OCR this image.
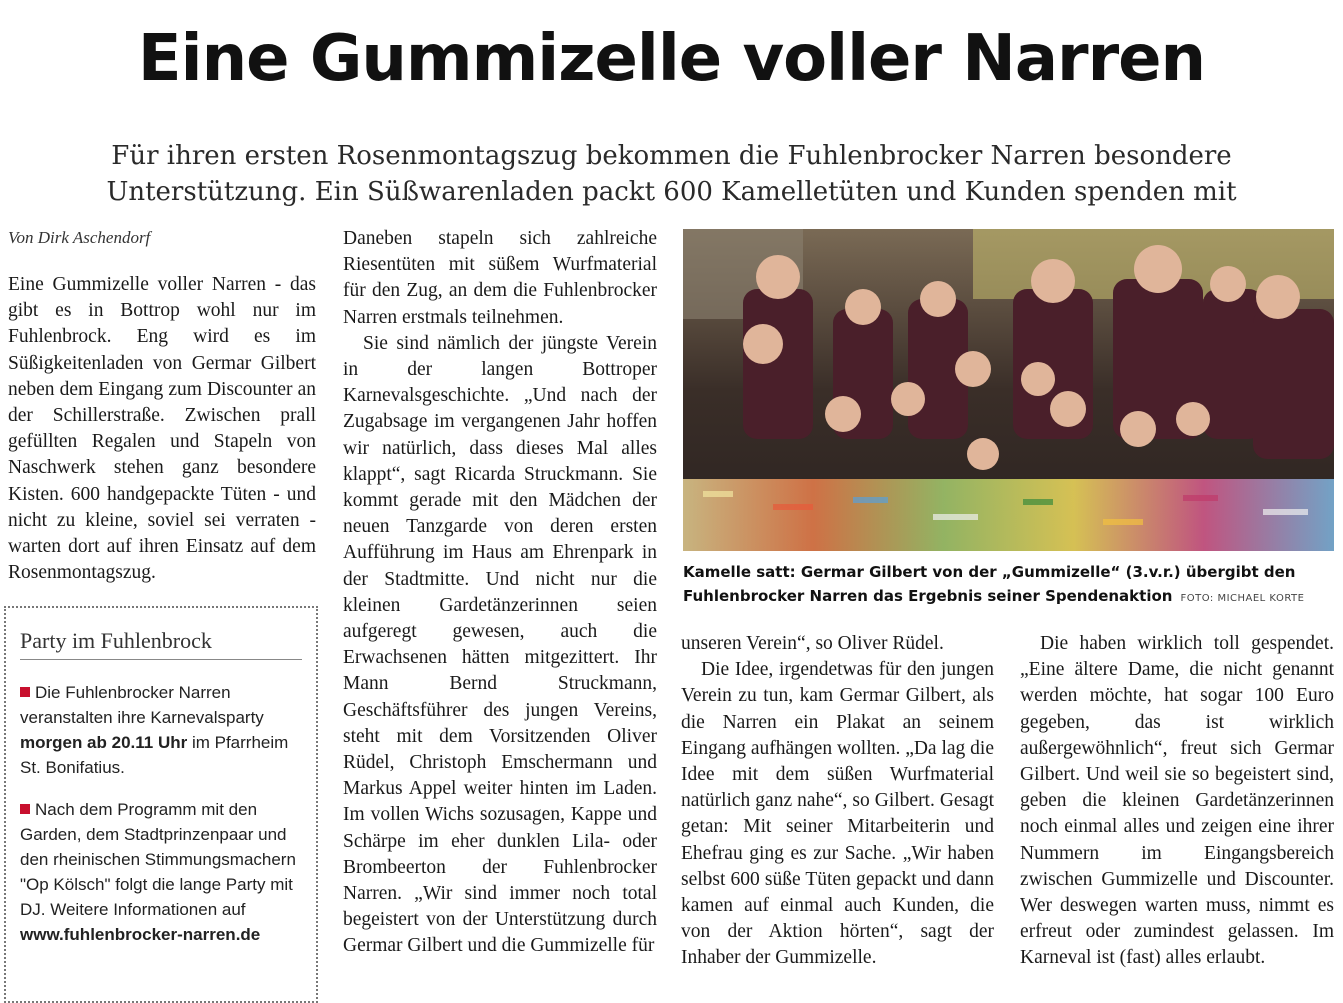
Eine Gummizelle voller Narren
Für ihren ersten Rosenmontagszug bekommen die Fuhlenbrocker Narren besondere
Unterstützung. Ein Süßwarenladen packt 600 Kamelletüten und Kunden spenden mit
Von Dirk Aschendorf

Eine Gummizelle voller Narren - das gibt es in Bottrop wohl nur im Fuhlenbrock. Eng wird es im Süßigkeitenladen von Germar Gilbert neben dem Eingang zum Discounter an der Schillerstraße. Zwischen prall gefüllten Regalen und Stapeln von Naschwerk stehen ganz besondere Kisten. 600 handgepackte Tüten - und nicht zu kleine, soviel sei verraten - warten dort auf ihren Einsatz auf dem Rosenmontagszug.

Party im Fuhlenbrock

Die Fuhlenbrocker Narren veranstalten ihre Karnevalsparty morgen ab 20.11 Uhr im Pfarrheim St. Bonifatius.

Nach dem Programm mit den Garden, dem Stadtprinzenpaar und den rheinischen Stimmungsmachern "Op Kölsch" folgt die lange Party mit DJ. Weitere Informationen auf www.fuhlenbrocker-narren.de

Daneben stapeln sich zahlreiche Riesentüten mit süßem Wurfmaterial für den Zug, an dem die Fuhlenbrocker Narren erstmals teilnehmen.

Sie sind nämlich der jüngste Verein in der langen Bottroper Karnevalsgeschichte. „Und nach der Zugabsage im vergangenen Jahr hoffen wir natürlich, dass dieses Mal alles klappt“, sagt Ricarda Struckmann. Sie kommt gerade mit den Mädchen der neuen Tanzgarde von deren ersten Aufführung im Haus am Ehrenpark in der Stadtmitte. Und nicht nur die kleinen Gardetänzerinnen seien aufgeregt gewesen, auch die Erwachsenen hätten mitgezittert. Ihr Mann Bernd Struckmann, Geschäftsführer des jungen Vereins, steht mit dem Vorsitzenden Oliver Rüdel, Christoph Emschermann und Markus Appel weiter hinten im Laden. Im vollen Wichs sozusagen, Kappe und Schärpe im eher dunklen Lila- oder Brombeerton der Fuhlenbrocker Narren. „Wir sind immer noch total begeistert von der Unterstützung durch Germar Gilbert und die Gummizelle für

Kamelle satt: Germar Gilbert von der „Gummizelle“ (3.v.r.) übergibt den
Fuhlenbrocker Narren das Ergebnis seiner Spendenaktion FOTO: MICHAEL KORTE

unseren Verein“, so Oliver Rüdel.

Die Idee, irgendetwas für den jungen Verein zu tun, kam Germar Gilbert, als die Narren ein Plakat an seinem Eingang aufhängen wollten. „Da lag die Idee mit dem süßen Wurfmaterial natürlich ganz nahe“, so Gilbert. Gesagt getan: Mit seiner Mitarbeiterin und Ehefrau ging es zur Sache. „Wir haben selbst 600 süße Tüten gepackt und dann kamen auf einmal auch Kunden, die von der Aktion hörten“, sagt der Inhaber der Gummizelle.

Die haben wirklich toll gespendet. „Eine ältere Dame, die nicht genannt werden möchte, hat sogar 100 Euro gegeben, das ist wirklich außergewöhnlich“, freut sich Germar Gilbert. Und weil sie so begeistert sind, geben die kleinen Gardetänzerinnen noch einmal alles und zeigen eine ihrer Nummern im Eingangsbereich zwischen Gummizelle und Discounter. Wer deswegen warten muss, nimmt es erfreut oder zumindest gelassen. Im Karneval ist (fast) alles erlaubt.
